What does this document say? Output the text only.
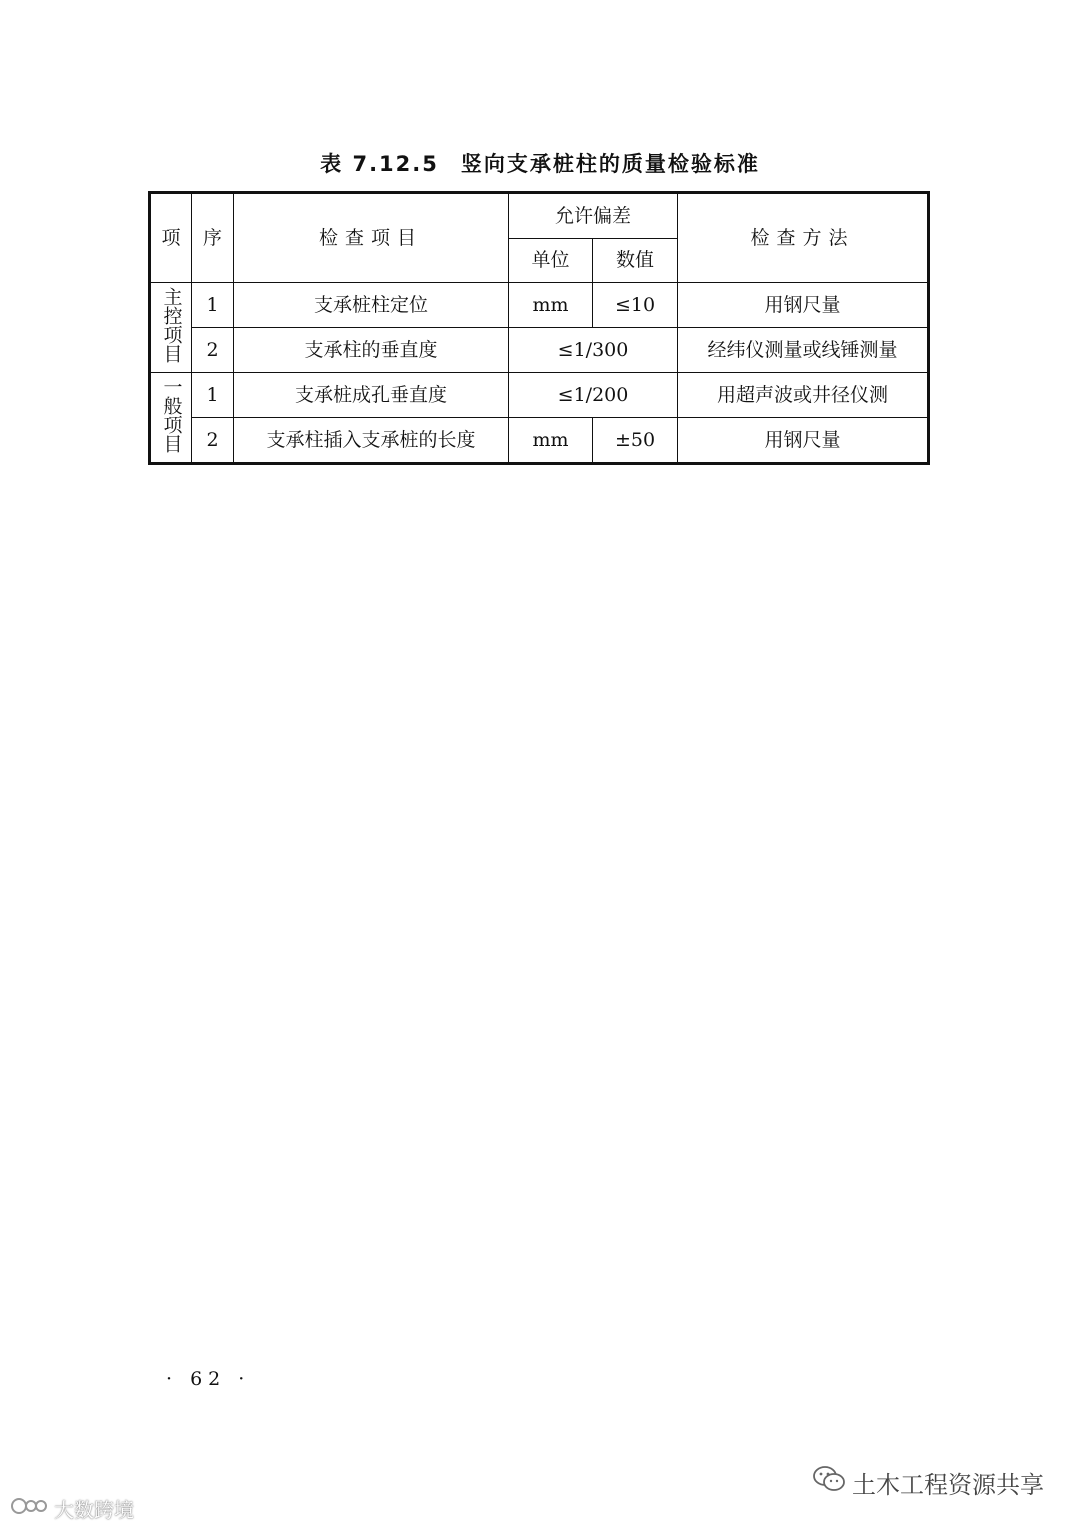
表 7.12.5 竖向支承桩柱的质量检验标准
项	序	检查项目	允许偏差		检查方法
			单位	数值	
主控项目	1	支承桩柱定位	mm	≤10	用钢尺量
	2	支承柱的垂直度	≤1/300		经纬仪测量或线锤测量
一般项目	1	支承桩成孔垂直度	≤1/200		用超声波或井径仪测
	2	支承柱插入支承桩的长度	mm	±50	用钢尺量
· 62 ·
土木工程资源共享
大数跨境
